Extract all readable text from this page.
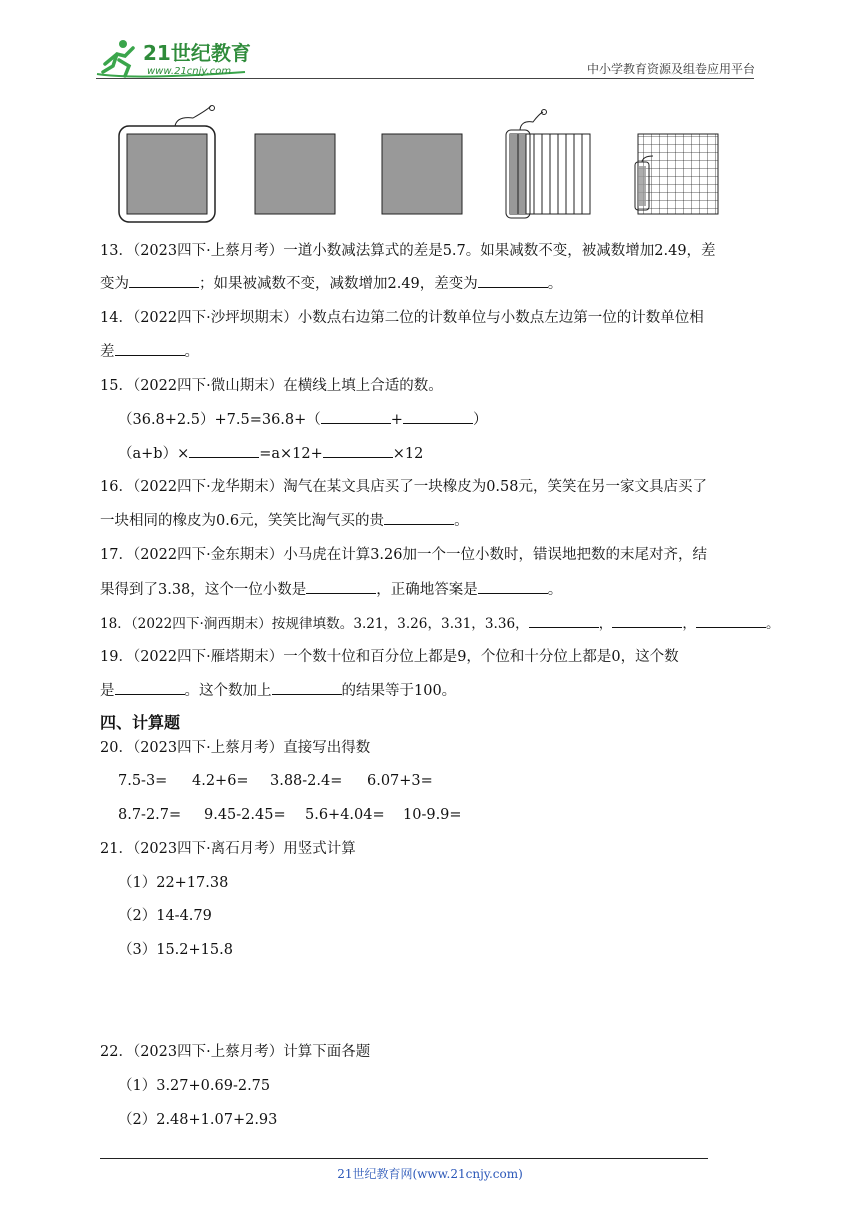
21世纪教育
www.21cnjy.com	中小学教育资源及组卷应用平台
13．（2023四下·上蔡月考）一道小数减法算式的差是5.7。如果减数不变，被减数增加2.49，差
变为	；如果被减数不变，减数增加2.49，差变为	。
14．（2022四下·沙坪坝期末）小数点右边第二位的计数单位与小数点左边第一位的计数单位相
差	。
15．（2022四下·微山期末）在横线上填上合适的数。
（36.8+2.5）+7.5=36.8+（	+	）
（a+b）×	=a×12+	×12
16．（2022四下·龙华期末）淘气在某文具店买了一块橡皮为0.58元，笑笑在另一家文具店买了
一块相同的橡皮为0.6元，笑笑比淘气买的贵	。
17．（2022四下·金东期末）小马虎在计算3.26加一个一位小数时，错误地把数的末尾对齐，结
果得到了3.38，这个一位小数是	，正确地答案是	。
18．（2022四下·涧西期末）按规律填数。3.21，3.26，3.31，3.36，	，	，	。
19．（2022四下·雁塔期末）一个数十位和百分位上都是9，个位和十分位上都是0，这个数
是	。这个数加上	的结果等于100。
四、计算题
20．（2023四下·上蔡月考）直接写出得数
7.5-3= 4.2+6= 3.88-2.4= 6.07+3=
8.7-2.7= 9.45-2.45= 5.6+4.04= 10-9.9=
21．（2023四下·离石月考）用竖式计算
（1）22+17.38
（2）14-4.79
（3）15.2+15.8
22．（2023四下·上蔡月考）计算下面各题
（1）3.27+0.69-2.75
（2）2.48+1.07+2.93
21世纪教育网(www.21cnjy.com)
